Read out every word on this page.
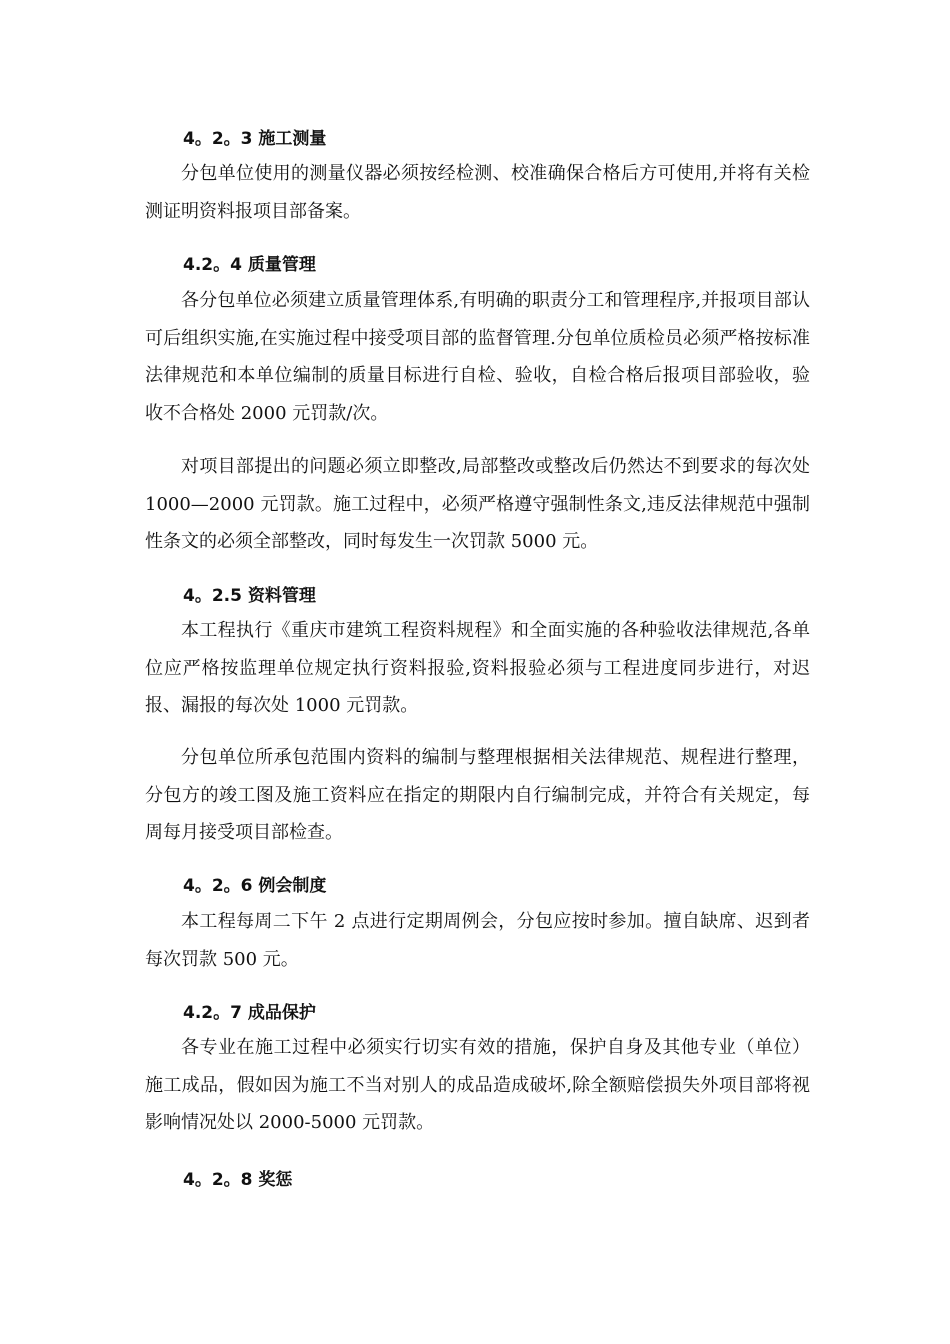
4。2。3 施工测量

分包单位使用的测量仪器必须按经检测、校准确保合格后方可使用,并将有关检测证明资料报项目部备案。

4.2。4 质量管理

各分包单位必须建立质量管理体系,有明确的职责分工和管理程序,并报项目部认可后组织实施,在实施过程中接受项目部的监督管理.分包单位质检员必须严格按标准法律规范和本单位编制的质量目标进行自检、验收，自检合格后报项目部验收，验收不合格处 2000 元罚款/次。

对项目部提出的问题必须立即整改,局部整改或整改后仍然达不到要求的每次处 1000—2000 元罚款。施工过程中，必须严格遵守强制性条文,违反法律规范中强制性条文的必须全部整改，同时每发生一次罚款 5000 元。

4。2.5 资料管理

本工程执行《重庆市建筑工程资料规程》和全面实施的各种验收法律规范,各单位应严格按监理单位规定执行资料报验,资料报验必须与工程进度同步进行，对迟报、漏报的每次处 1000 元罚款。

分包单位所承包范围内资料的编制与整理根据相关法律规范、规程进行整理，分包方的竣工图及施工资料应在指定的期限内自行编制完成，并符合有关规定，每周每月接受项目部检查。

4。2。6 例会制度

本工程每周二下午 2 点进行定期周例会，分包应按时参加。擅自缺席、迟到者每次罚款 500 元。

4.2。7 成品保护

各专业在施工过程中必须实行切实有效的措施，保护自身及其他专业（单位）施工成品，假如因为施工不当对别人的成品造成破坏,除全额赔偿损失外项目部将视影响情况处以 2000-5000 元罚款。

4。2。8 奖惩
